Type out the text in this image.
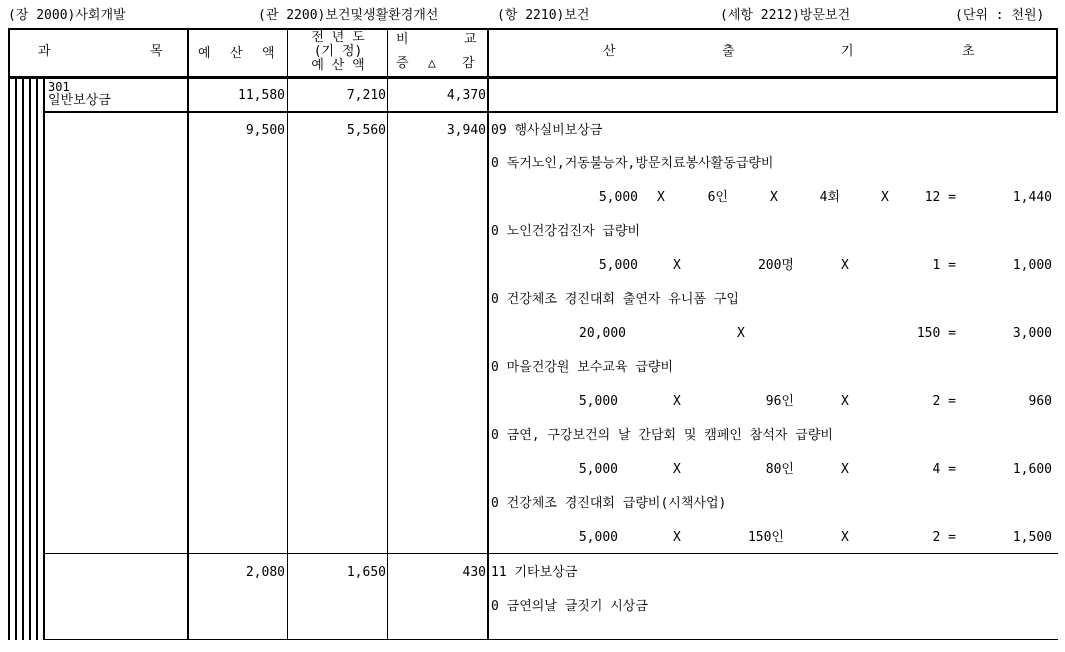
(장 2000)사회개발	(관 2200)보건및생활환경개선	(항 2210)보건	(세항 2212)방문보건	(단위 : 천원)
과	목	예 산 액
전 년 도
(기 정)
예 산 액
비	교
증 △ 감
산	출	기	초
301
일반보상금	11,580	7,210	4,370
9,500	5,560	3,940 09 행사실비보상금
0 독거노인,거동불능자,방문치료봉사활동급량비
5,000 X	6인	X	4회	X	12 =	1,440
0 노인건강검진자 급량비
5,000	X	200명	X	1 =	1,000
0 건강체조 경진대회 출연자 유니폼 구입
20,000	X	150 =	3,000
0 마을건강원 보수교육 급량비
5,000	X	96인	X	2 =	960
0 금연, 구강보건의 날 간담회 및 캠페인 참석자 급량비
5,000	X	80인	X	4 =	1,600
0 건강체조 경진대회 급량비(시책사업)
5,000	X	150인	X	2 =	1,500
2,080	1,650	430 11 기타보상금
0 금연의날 글짓기 시상금
